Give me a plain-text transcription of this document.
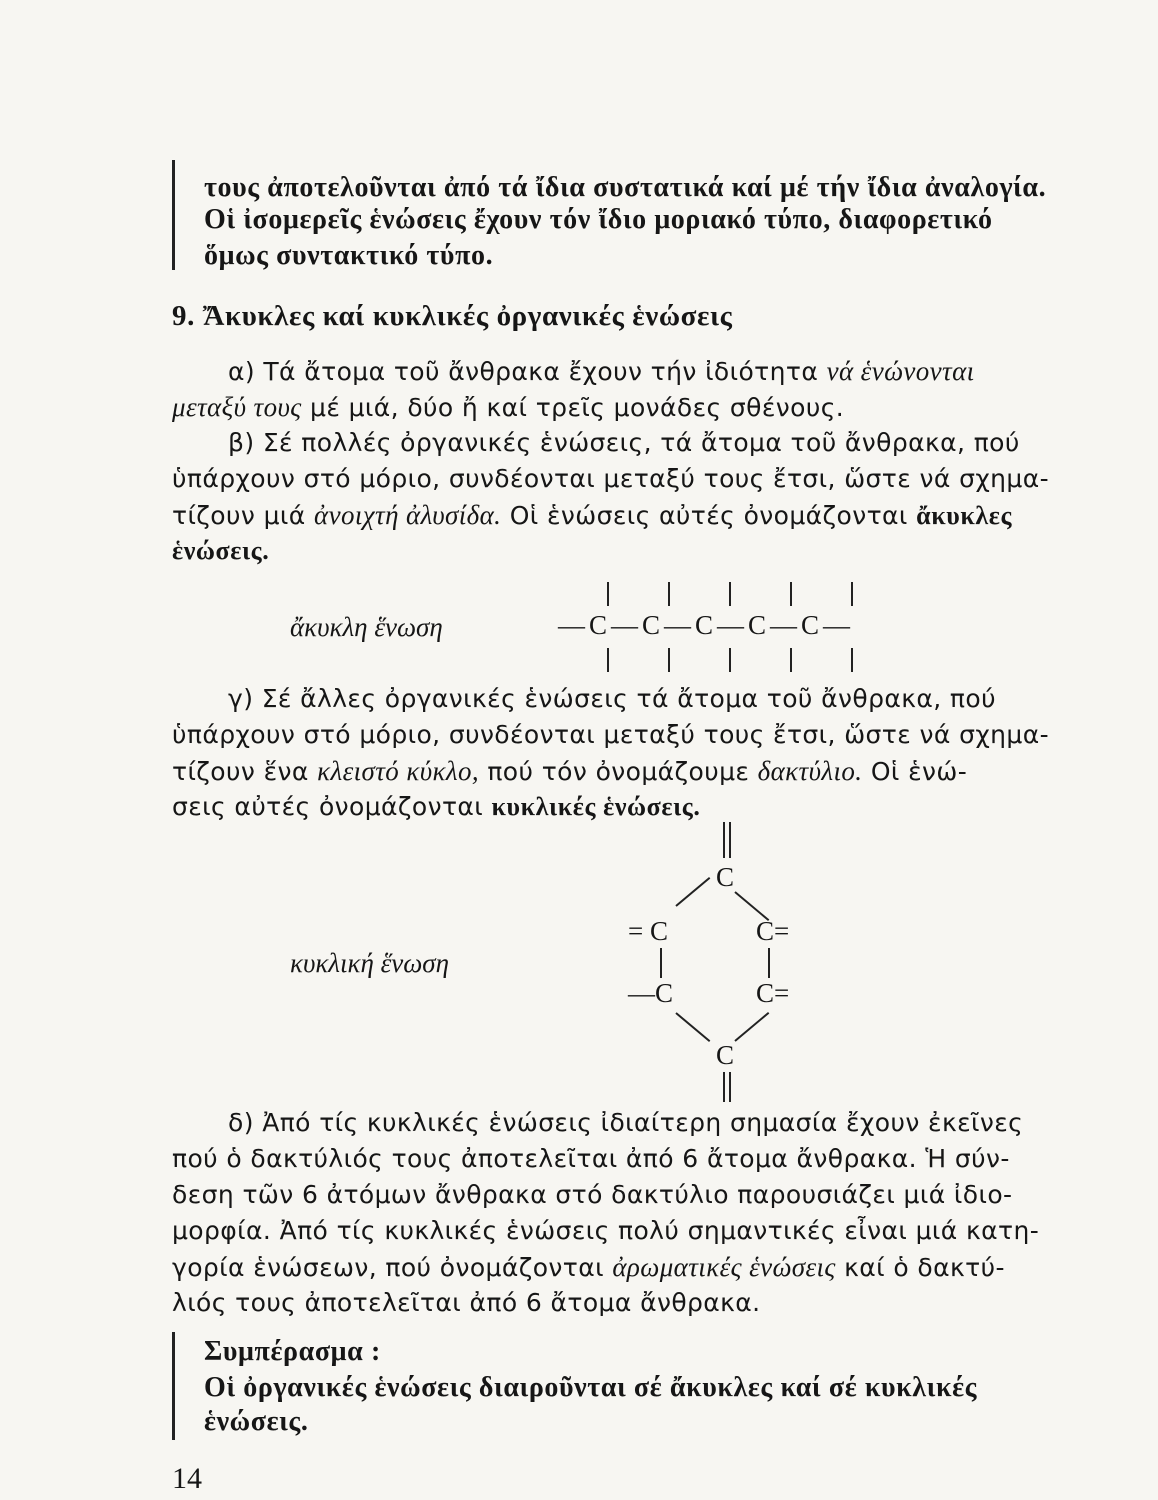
τους ἀποτελοῦνται ἀπό τά ἴδια συστατικά καί μέ τήν ἴδια ἀναλογία.
Οἱ ἰσομερεῖς ἑνώσεις ἔχουν τόν ἴδιο μοριακό τύπο, διαφορετικό
ὅμως συντακτικό τύπο.
9. Ἄκυκλες καί κυκλικές ὀργανικές ἑνώσεις
α) Τά ἄτομα τοῦ ἄνθρακα ἔχουν τήν ἰδιότητα νά ἑνώνονται
μεταξύ τους μέ μιά, δύο ἤ καί τρεῖς μονάδες σθένους.
β) Σέ πολλές ὀργανικές ἑνώσεις, τά ἄτομα τοῦ ἄνθρακα, πού
ὑπάρχουν στό μόριο, συνδέονται μεταξύ τους ἔτσι, ὥστε νά σχημα-
τίζουν μιά ἀνοιχτή ἀλυσίδα. Οἱ ἑνώσεις αὐτές ὀνομάζονται ἄκυκλες
ἑνώσεις.
ἄκυκλη ἕνωση	—C—C—C—C—C—
γ) Σέ ἄλλες ὀργανικές ἑνώσεις τά ἄτομα τοῦ ἄνθρακα, πού
ὑπάρχουν στό μόριο, συνδέονται μεταξύ τους ἔτσι, ὥστε νά σχημα-
τίζουν ἕνα κλειστό κύκλο, πού τόν ὀνομάζουμε δακτύλιο. Οἱ ἑνώ-
σεις αὐτές ὀνομάζονται κυκλικές ἑνώσεις.
C
= C	C=
κυκλική ἕνωση
—C	C=
C
δ) Ἀπό τίς κυκλικές ἑνώσεις ἰδιαίτερη σημασία ἔχουν ἐκεῖνες
πού ὁ δακτύλιός τους ἀποτελεῖται ἀπό 6 ἄτομα ἄνθρακα. Ἡ σύν-
δεση τῶν 6 ἀτόμων ἄνθρακα στό δακτύλιο παρουσιάζει μιά ἰδιο-
μορφία. Ἀπό τίς κυκλικές ἑνώσεις πολύ σημαντικές εἶναι μιά κατη-
γορία ἑνώσεων, πού ὀνομάζονται ἀρωματικές ἑνώσεις καί ὁ δακτύ-
λιός τους ἀποτελεῖται ἀπό 6 ἄτομα ἄνθρακα.
Συμπέρασμα :
Οἱ ὀργανικές ἑνώσεις διαιροῦνται σέ ἄκυκλες καί σέ κυκλικές
ἑνώσεις.
14
